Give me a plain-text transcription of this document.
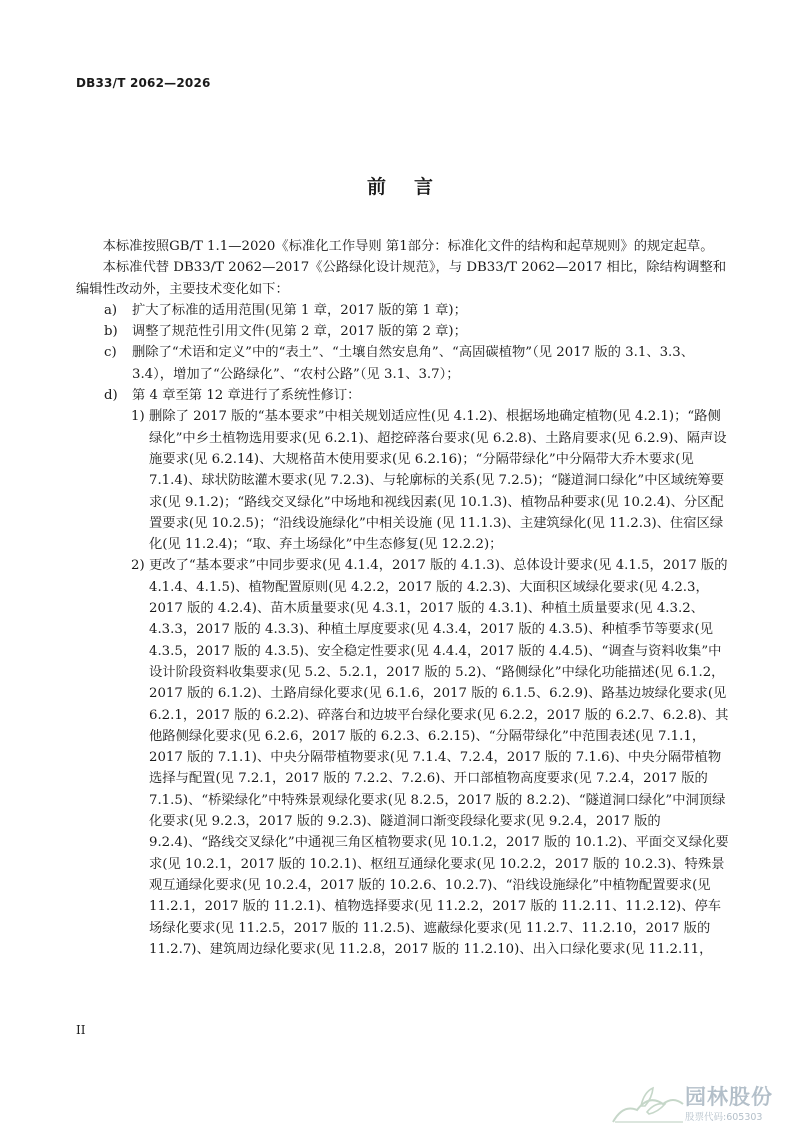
DB33/T 2062—2026
前言

本标准按照GB/T 1.1—2020《标准化工作导则 第1部分：标准化文件的结构和起草规则》的规定起草。

本标准代替 DB33/T 2062—2017《公路绿化设计规范》，与 DB33/T 2062—2017 相比，除结构调整和编辑性改动外，主要技术变化如下：

a) 扩大了标准的适用范围(见第 1 章，2017 版的第 1 章)；
b) 调整了规范性引用文件(见第 2 章，2017 版的第 2 章)；
c) 删除了“术语和定义”中的“表土”、“土壤自然安息角”、“高固碳植物”（见 2017 版的 3.1、3.3、3.4），增加了“公路绿化”、“农村公路”（见 3.1、3.7）；
d) 第 4 章至第 12 章进行了系统性修订：
1) 删除了 2017 版的“基本要求”中相关规划适应性(见 4.1.2)、根据场地确定植物(见 4.2.1)；“路侧绿化”中乡土植物选用要求(见 6.2.1)、超挖碎落台要求(见 6.2.8)、土路肩要求(见 6.2.9)、隔声设施要求(见 6.2.14)、大规格苗木使用要求(见 6.2.16)；“分隔带绿化”中分隔带大乔木要求(见 7.1.4)、球状防眩灌木要求(见 7.2.3)、与轮廓标的关系(见 7.2.5)；“隧道洞口绿化”中区域统筹要求(见 9.1.2)；“路线交叉绿化”中场地和视线因素(见 10.1.3)、植物品种要求(见 10.2.4)、分区配置要求(见 10.2.5)；“沿线设施绿化”中相关设施 (见 11.1.3)、主建筑绿化(见 11.2.3)、住宿区绿化(见 11.2.4)；“取、弃土场绿化”中生态修复(见 12.2.2)；
2) 更改了“基本要求”中同步要求(见 4.1.4，2017 版的 4.1.3)、总体设计要求(见 4.1.5，2017 版的 4.1.4、4.1.5)、植物配置原则(见 4.2.2，2017 版的 4.2.3)、大面积区域绿化要求(见 4.2.3，2017 版的 4.2.4)、苗木质量要求(见 4.3.1，2017 版的 4.3.1)、种植土质量要求(见 4.3.2、4.3.3，2017 版的 4.3.3)、种植土厚度要求(见 4.3.4，2017 版的 4.3.5)、种植季节等要求(见 4.3.5，2017 版的 4.3.5)、安全稳定性要求(见 4.4.4，2017 版的 4.4.5)、“调查与资料收集”中设计阶段资料收集要求(见 5.2、5.2.1，2017 版的 5.2)、“路侧绿化”中绿化功能描述(见 6.1.2，2017 版的 6.1.2)、土路肩绿化要求(见 6.1.6，2017 版的 6.1.5、6.2.9)、路基边坡绿化要求(见 6.2.1，2017 版的 6.2.2)、碎落台和边坡平台绿化要求(见 6.2.2，2017 版的 6.2.7、6.2.8)、其他路侧绿化要求(见 6.2.6，2017 版的 6.2.3、6.2.15)、“分隔带绿化”中范围表述(见 7.1.1，2017 版的 7.1.1)、中央分隔带植物要求(见 7.1.4、7.2.4，2017 版的 7.1.6)、中央分隔带植物选择与配置(见 7.2.1，2017 版的 7.2.2、7.2.6)、开口部植物高度要求(见 7.2.4，2017 版的 7.1.5)、“桥梁绿化”中特殊景观绿化要求(见 8.2.5，2017 版的 8.2.2)、“隧道洞口绿化”中洞顶绿化要求(见 9.2.3，2017 版的 9.2.3)、隧道洞口渐变段绿化要求(见 9.2.4，2017 版的 9.2.4)、“路线交叉绿化”中通视三角区植物要求(见 10.1.2，2017 版的 10.1.2)、平面交叉绿化要求(见 10.2.1，2017 版的 10.2.1)、枢纽互通绿化要求(见 10.2.2，2017 版的 10.2.3)、特殊景观互通绿化要求(见 10.2.4，2017 版的 10.2.6、10.2.7)、“沿线设施绿化”中植物配置要求(见 11.2.1，2017 版的 11.2.1)、植物选择要求(见 11.2.2，2017 版的 11.2.11、11.2.12)、停车场绿化要求(见 11.2.5，2017 版的 11.2.5)、遮蔽绿化要求(见 11.2.7、11.2.10，2017 版的 11.2.7)、建筑周边绿化要求(见 11.2.8，2017 版的 11.2.10)、出入口绿化要求(见 11.2.11，
II
园林股份
股票代码:605303
